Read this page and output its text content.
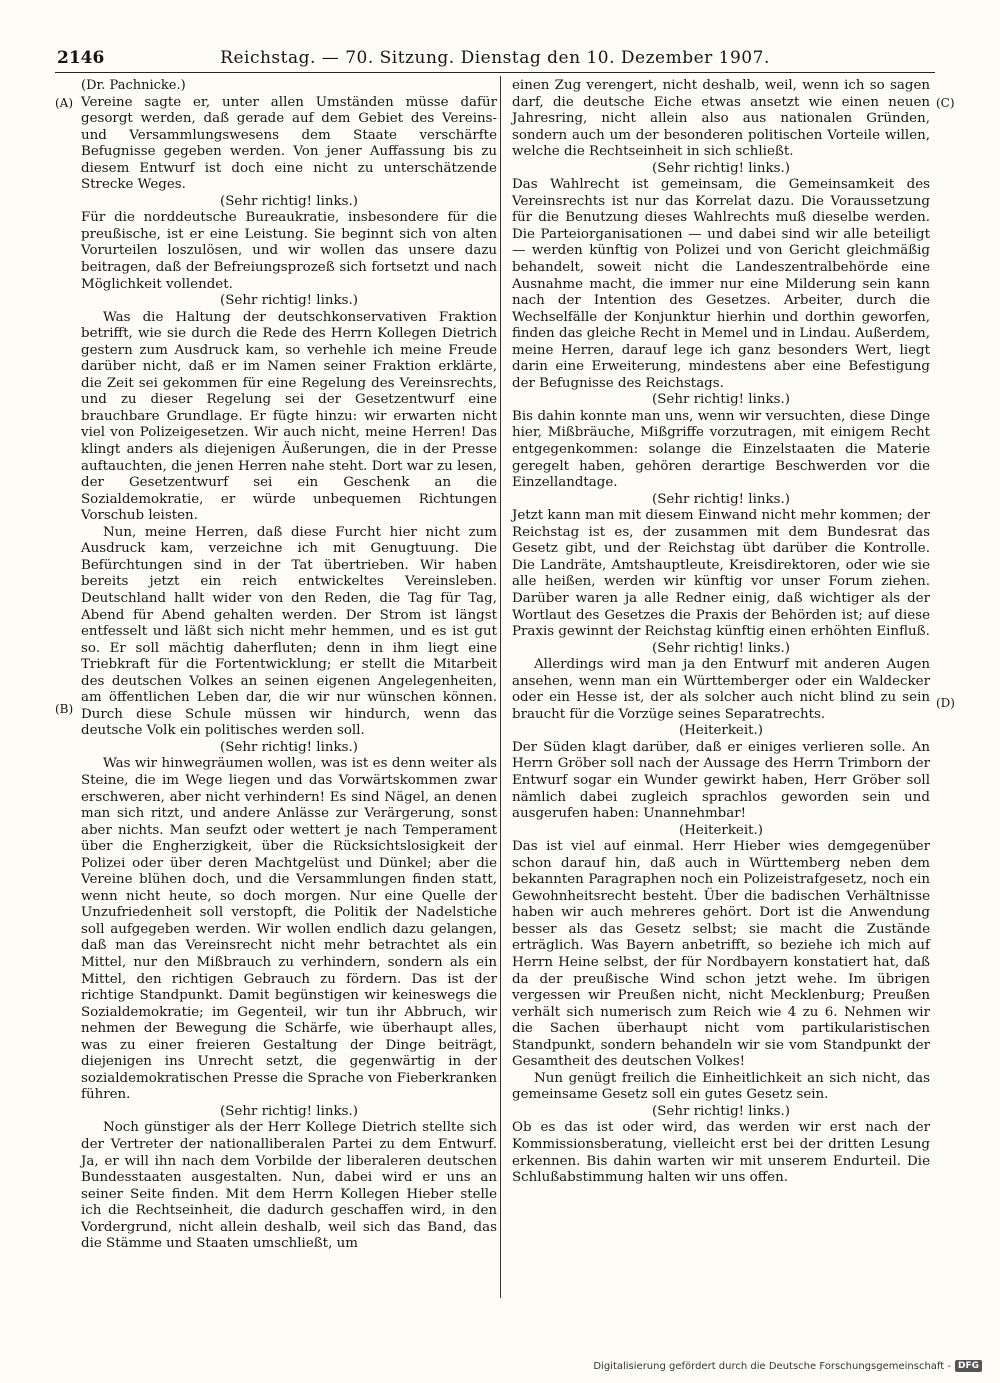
2146	Reichstag. — 70. Sitzung. Dienstag den 10. Dezember 1907.
(A)
(B)
(C)
(D)

(Dr. Pachnicke.)

Vereine sagte er, unter allen Umständen müsse dafür gesorgt werden, daß gerade auf dem Gebiet des Vereins- und Versammlungswesens dem Staate verschärfte Befugnisse gegeben werden. Von jener Auffassung bis zu diesem Entwurf ist doch eine nicht zu unterschätzende Strecke Weges.

(Sehr richtig! links.)

Für die norddeutsche Bureaukratie, insbesondere für die preußische, ist er eine Leistung. Sie beginnt sich von alten Vorurteilen loszulösen, und wir wollen das unsere dazu beitragen, daß der Befreiungsprozeß sich fortsetzt und nach Möglichkeit vollendet.

(Sehr richtig! links.)

Was die Haltung der deutschkonservativen Fraktion betrifft, wie sie durch die Rede des Herrn Kollegen Dietrich gestern zum Ausdruck kam, so verhehle ich meine Freude darüber nicht, daß er im Namen seiner Fraktion erklärte, die Zeit sei gekommen für eine Regelung des Vereinsrechts, und zu dieser Regelung sei der Gesetzentwurf eine brauchbare Grundlage. Er fügte hinzu: wir erwarten nicht viel von Polizeigesetzen. Wir auch nicht, meine Herren! Das klingt anders als diejenigen Äußerungen, die in der Presse auftauchten, die jenen Herren nahe steht. Dort war zu lesen, der Gesetzentwurf sei ein Geschenk an die Sozialdemokratie, er würde unbequemen Richtungen Vorschub leisten.

Nun, meine Herren, daß diese Furcht hier nicht zum Ausdruck kam, verzeichne ich mit Genugtuung. Die Befürchtungen sind in der Tat übertrieben. Wir haben bereits jetzt ein reich entwickeltes Vereinsleben. Deutschland hallt wider von den Reden, die Tag für Tag, Abend für Abend gehalten werden. Der Strom ist längst entfesselt und läßt sich nicht mehr hemmen, und es ist gut so. Er soll mächtig daherfluten; denn in ihm liegt eine Triebkraft für die Fortentwicklung; er stellt die Mitarbeit des deutschen Volkes an seinen eigenen Angelegenheiten, am öffentlichen Leben dar, die wir nur wünschen können. Durch diese Schule müssen wir hindurch, wenn das deutsche Volk ein politisches werden soll.

(Sehr richtig! links.)

Was wir hinwegräumen wollen, was ist es denn weiter als Steine, die im Wege liegen und das Vorwärtskommen zwar erschweren, aber nicht verhindern! Es sind Nägel, an denen man sich ritzt, und andere Anlässe zur Verärgerung, sonst aber nichts. Man seufzt oder wettert je nach Temperament über die Engherzigkeit, über die Rücksichtslosigkeit der Polizei oder über deren Machtgelüst und Dünkel; aber die Vereine blühen doch, und die Versammlungen finden statt, wenn nicht heute, so doch morgen. Nur eine Quelle der Unzufriedenheit soll verstopft, die Politik der Nadelstiche soll aufgegeben werden. Wir wollen endlich dazu gelangen, daß man das Vereinsrecht nicht mehr betrachtet als ein Mittel, nur den Mißbrauch zu verhindern, sondern als ein Mittel, den richtigen Gebrauch zu fördern. Das ist der richtige Standpunkt. Damit begünstigen wir keineswegs die Sozialdemokratie; im Gegenteil, wir tun ihr Abbruch, wir nehmen der Bewegung die Schärfe, wie überhaupt alles, was zu einer freieren Gestaltung der Dinge beiträgt, diejenigen ins Unrecht setzt, die gegenwärtig in der sozialdemokratischen Presse die Sprache von Fieberkranken führen.

(Sehr richtig! links.)

Noch günstiger als der Herr Kollege Dietrich stellte sich der Vertreter der nationalliberalen Partei zu dem Entwurf. Ja, er will ihn nach dem Vorbilde der liberaleren deutschen Bundesstaaten ausgestalten. Nun, dabei wird er uns an seiner Seite finden. Mit dem Herrn Kollegen Hieber stelle ich die Rechtseinheit, die dadurch geschaffen wird, in den Vordergrund, nicht allein deshalb, weil sich das Band, das die Stämme und Staaten umschließt, um

einen Zug verengert, nicht deshalb, weil, wenn ich so sagen darf, die deutsche Eiche etwas ansetzt wie einen neuen Jahresring, nicht allein also aus nationalen Gründen, sondern auch um der besonderen politischen Vorteile willen, welche die Rechtseinheit in sich schließt.

(Sehr richtig! links.)

Das Wahlrecht ist gemeinsam, die Gemeinsamkeit des Vereinsrechts ist nur das Korrelat dazu. Die Voraussetzung für die Benutzung dieses Wahlrechts muß dieselbe werden. Die Parteiorganisationen — und dabei sind wir alle beteiligt — werden künftig von Polizei und von Gericht gleichmäßig behandelt, soweit nicht die Landeszentralbehörde eine Ausnahme macht, die immer nur eine Milderung sein kann nach der Intention des Gesetzes. Arbeiter, durch die Wechselfälle der Konjunktur hierhin und dorthin geworfen, finden das gleiche Recht in Memel und in Lindau. Außerdem, meine Herren, darauf lege ich ganz besonders Wert, liegt darin eine Erweiterung, mindestens aber eine Befestigung der Befugnisse des Reichstags.

(Sehr richtig! links.)

Bis dahin konnte man uns, wenn wir versuchten, diese Dinge hier, Mißbräuche, Mißgriffe vorzutragen, mit einigem Recht entgegenkommen: solange die Einzelstaaten die Materie geregelt haben, gehören derartige Beschwerden vor die Einzellandtage.

(Sehr richtig! links.)

Jetzt kann man mit diesem Einwand nicht mehr kommen; der Reichstag ist es, der zusammen mit dem Bundesrat das Gesetz gibt, und der Reichstag übt darüber die Kontrolle. Die Landräte, Amtshauptleute, Kreisdirektoren, oder wie sie alle heißen, werden wir künftig vor unser Forum ziehen. Darüber waren ja alle Redner einig, daß wichtiger als der Wortlaut des Gesetzes die Praxis der Behörden ist; auf diese Praxis gewinnt der Reichstag künftig einen erhöhten Einfluß.

(Sehr richtig! links.)

Allerdings wird man ja den Entwurf mit anderen Augen ansehen, wenn man ein Württemberger oder ein Waldecker oder ein Hesse ist, der als solcher auch nicht blind zu sein braucht für die Vorzüge seines Separatrechts.

(Heiterkeit.)

Der Süden klagt darüber, daß er einiges verlieren solle. An Herrn Gröber soll nach der Aussage des Herrn Trimborn der Entwurf sogar ein Wunder gewirkt haben, Herr Gröber soll nämlich dabei zugleich sprachlos geworden sein und ausgerufen haben: Unannehmbar!

(Heiterkeit.)

Das ist viel auf einmal. Herr Hieber wies demgegenüber schon darauf hin, daß auch in Württemberg neben dem bekannten Paragraphen noch ein Polizeistrafgesetz, noch ein Gewohnheitsrecht besteht. Über die badischen Verhältnisse haben wir auch mehreres gehört. Dort ist die Anwendung besser als das Gesetz selbst; sie macht die Zustände erträglich. Was Bayern anbetrifft, so beziehe ich mich auf Herrn Heine selbst, der für Nordbayern konstatiert hat, daß da der preußische Wind schon jetzt wehe. Im übrigen vergessen wir Preußen nicht, nicht Mecklenburg; Preußen verhält sich numerisch zum Reich wie 4 zu 6. Nehmen wir die Sachen überhaupt nicht vom partikularistischen Standpunkt, sondern behandeln wir sie vom Standpunkt der Gesamtheit des deutschen Volkes!

Nun genügt freilich die Einheitlichkeit an sich nicht, das gemeinsame Gesetz soll ein gutes Gesetz sein.

(Sehr richtig! links.)

Ob es das ist oder wird, das werden wir erst nach der Kommissionsberatung, vielleicht erst bei der dritten Lesung erkennen. Bis dahin warten wir mit unserem Endurteil. Die Schlußabstimmung halten wir uns offen.

Digitalisierung gefördert durch die Deutsche Forschungsgemeinschaft - DFG
